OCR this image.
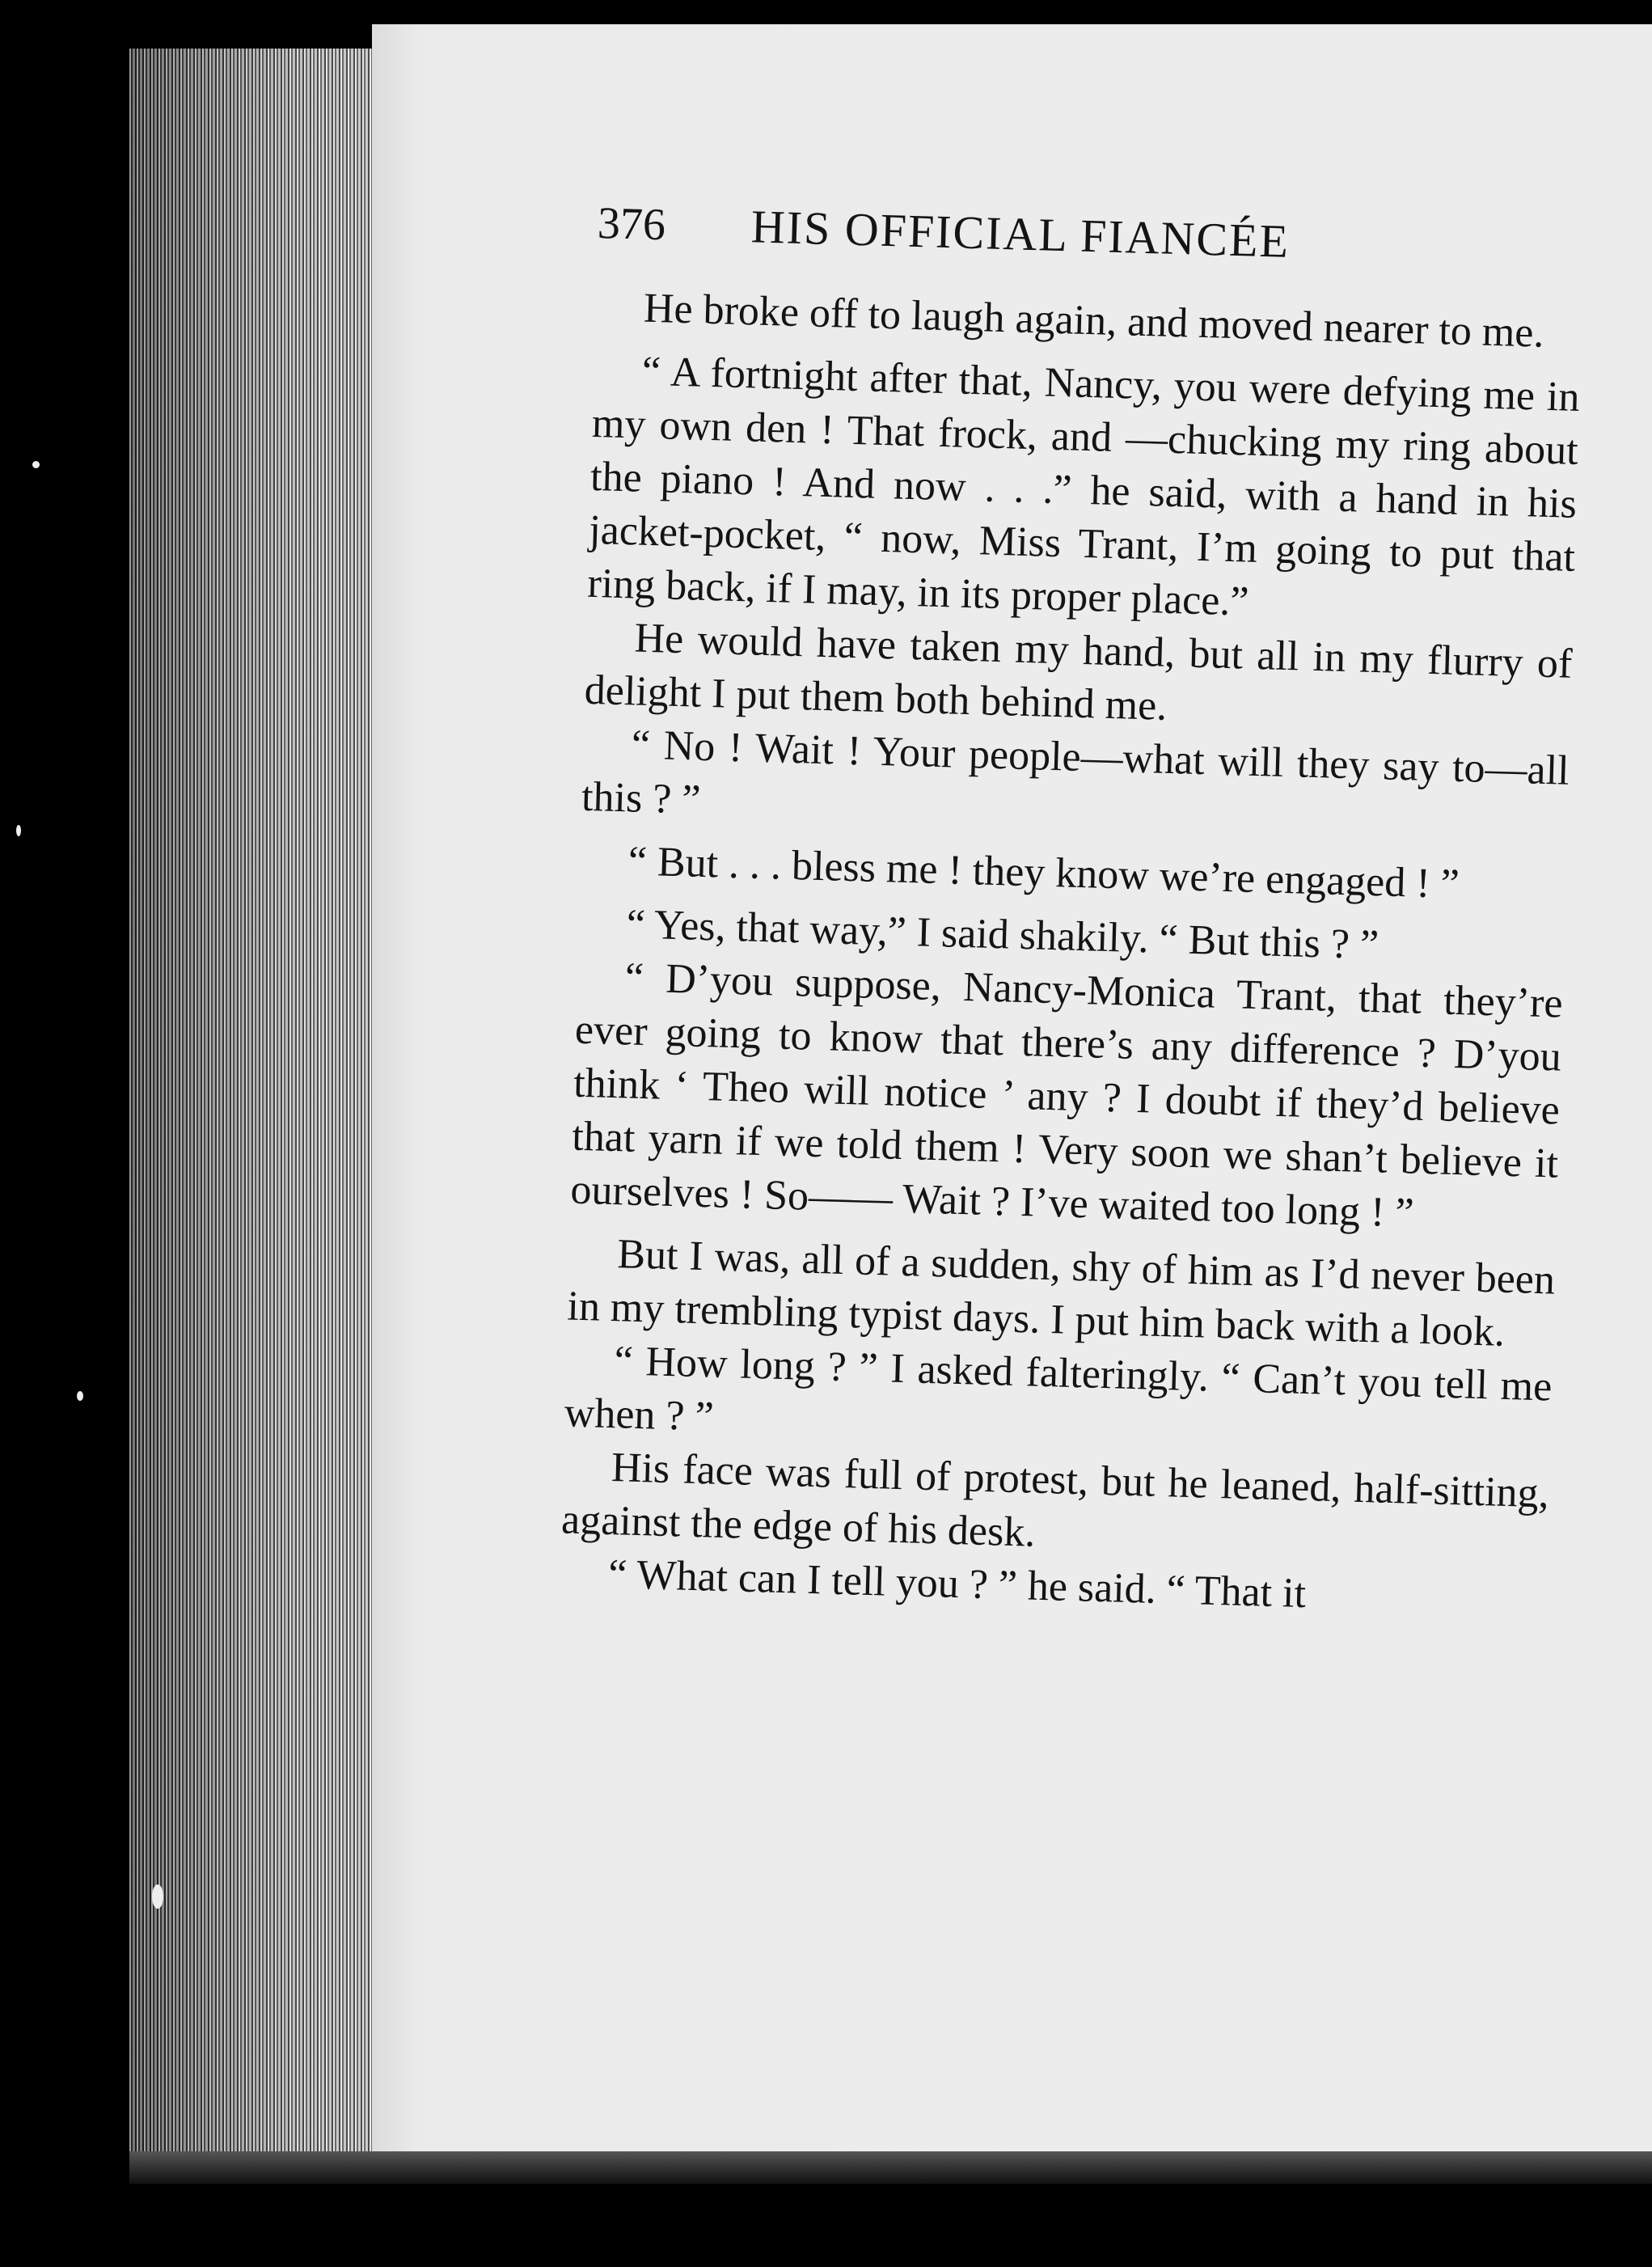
376	HIS OFFICIAL FIANCÉE

He broke off to laugh again, and moved nearer to me.

“ A fortnight after that, Nancy, you were defying me in my own den ! That frock, and —chucking my ring about the piano ! And now . . .” he said, with a hand in his jacket-pocket, “ now, Miss Trant, I’m going to put that ring back, if I may, in its proper place.”

He would have taken my hand, but all in my flurry of delight I put them both behind me.

“ No ! Wait ! Your people—what will they say to—all this ? ”

“ But . . . bless me ! they know we’re engaged ! ”

“ Yes, that way,” I said shakily. “ But this ? ”

“ D’you suppose, Nancy-Monica Trant, that they’re ever going to know that there’s any difference ? D’you think ‘ Theo will notice ’ any ? I doubt if they’d believe that yarn if we told them ! Very soon we shan’t believe it ourselves ! So—— Wait ? I’ve waited too long ! ”

But I was, all of a sudden, shy of him as I’d never been in my trembling typist days. I put him back with a look.

“ How long ? ” I asked falteringly. “ Can’t you tell me when ? ”

His face was full of protest, but he leaned, half-sitting, against the edge of his desk.

“ What can I tell you ? ” he said. “ That it
